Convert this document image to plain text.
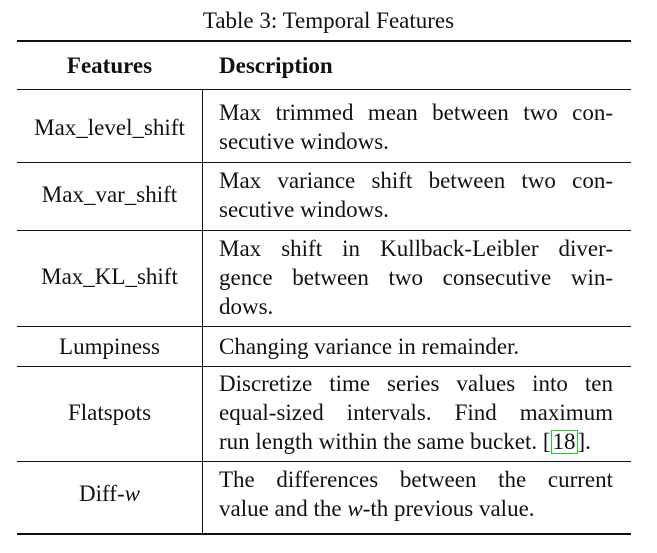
Table 3: Temporal Features
Features	Description
Max_level_shift
Max trimmed mean between two con-
secutive windows.
Max_var_shift
Max variance shift between two con-
secutive windows.
Max_KL_shift
Max shift in Kullback-Leibler diver-
gence between two consecutive win-
dows.
Lumpiness	Changing variance in remainder.
Flatspots
Discretize time series values into ten
equal-sized intervals. Find maximum
run length within the same bucket. [18].
Diff-w
The differences between the current
value and the w-th previous value.
